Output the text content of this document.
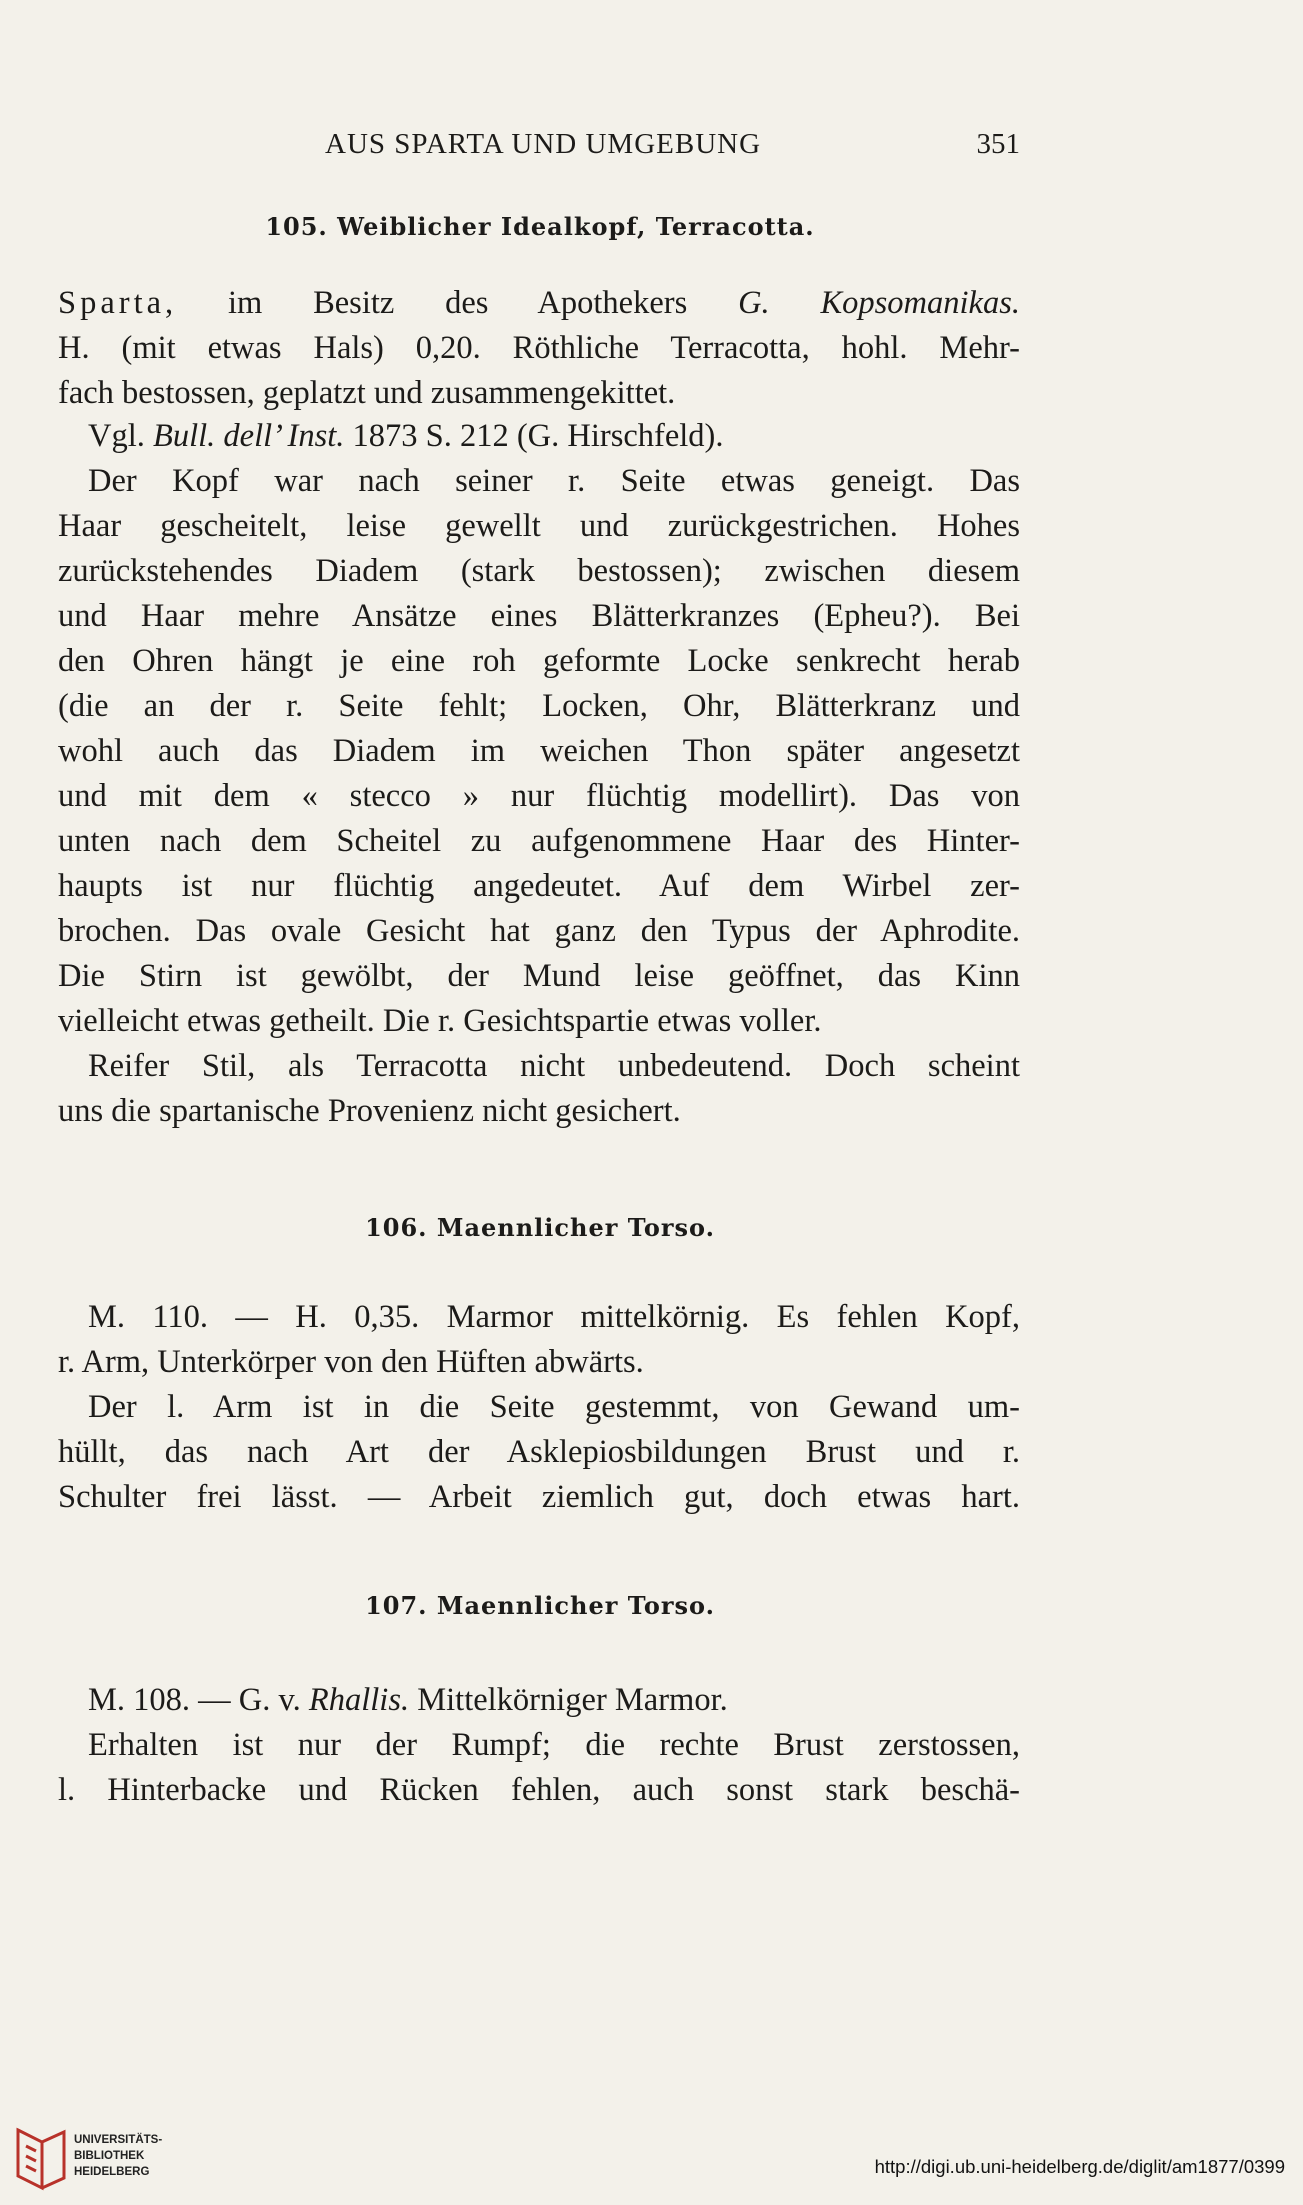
AUS SPARTA UND UMGEBUNG	351
105. Weiblicher Idealkopf, Terracotta.
Sparta, im Besitz des Apothekers G. Kopsomanikas.
H. (mit etwas Hals) 0,20. Röthliche Terracotta, hohl. Mehr-
fach bestossen, geplatzt und zusammengekittet.
Vgl. Bull. dell’ Inst. 1873 S. 212 (G. Hirschfeld).
Der Kopf war nach seiner r. Seite etwas geneigt. Das
Haar gescheitelt, leise gewellt und zurückgestrichen. Hohes
zurückstehendes Diadem (stark bestossen); zwischen diesem
und Haar mehre Ansätze eines Blätterkranzes (Epheu?). Bei
den Ohren hängt je eine roh geformte Locke senkrecht herab
(die an der r. Seite fehlt; Locken, Ohr, Blätterkranz und
wohl auch das Diadem im weichen Thon später angesetzt
und mit dem « stecco » nur flüchtig modellirt). Das von
unten nach dem Scheitel zu aufgenommene Haar des Hinter-
haupts ist nur flüchtig angedeutet. Auf dem Wirbel zer-
brochen. Das ovale Gesicht hat ganz den Typus der Aphrodite.
Die Stirn ist gewölbt, der Mund leise geöffnet, das Kinn
vielleicht etwas getheilt. Die r. Gesichtspartie etwas voller.
Reifer Stil, als Terracotta nicht unbedeutend. Doch scheint
uns die spartanische Provenienz nicht gesichert.
106. Maennlicher Torso.
M. 110. — H. 0,35. Marmor mittelkörnig. Es fehlen Kopf,
r. Arm, Unterkörper von den Hüften abwärts.
Der l. Arm ist in die Seite gestemmt, von Gewand um-
hüllt, das nach Art der Asklepiosbildungen Brust und r.
Schulter frei lässt. — Arbeit ziemlich gut, doch etwas hart.
107. Maennlicher Torso.
M. 108. — G. v. Rhallis. Mittelkörniger Marmor.
Erhalten ist nur der Rumpf; die rechte Brust zerstossen,
l. Hinterbacke und Rücken fehlen, auch sonst stark beschä-
UNIVERSITÄTS-
BIBLIOTHEK
HEIDELBERG	http://digi.ub.uni-heidelberg.de/diglit/am1877/0399
